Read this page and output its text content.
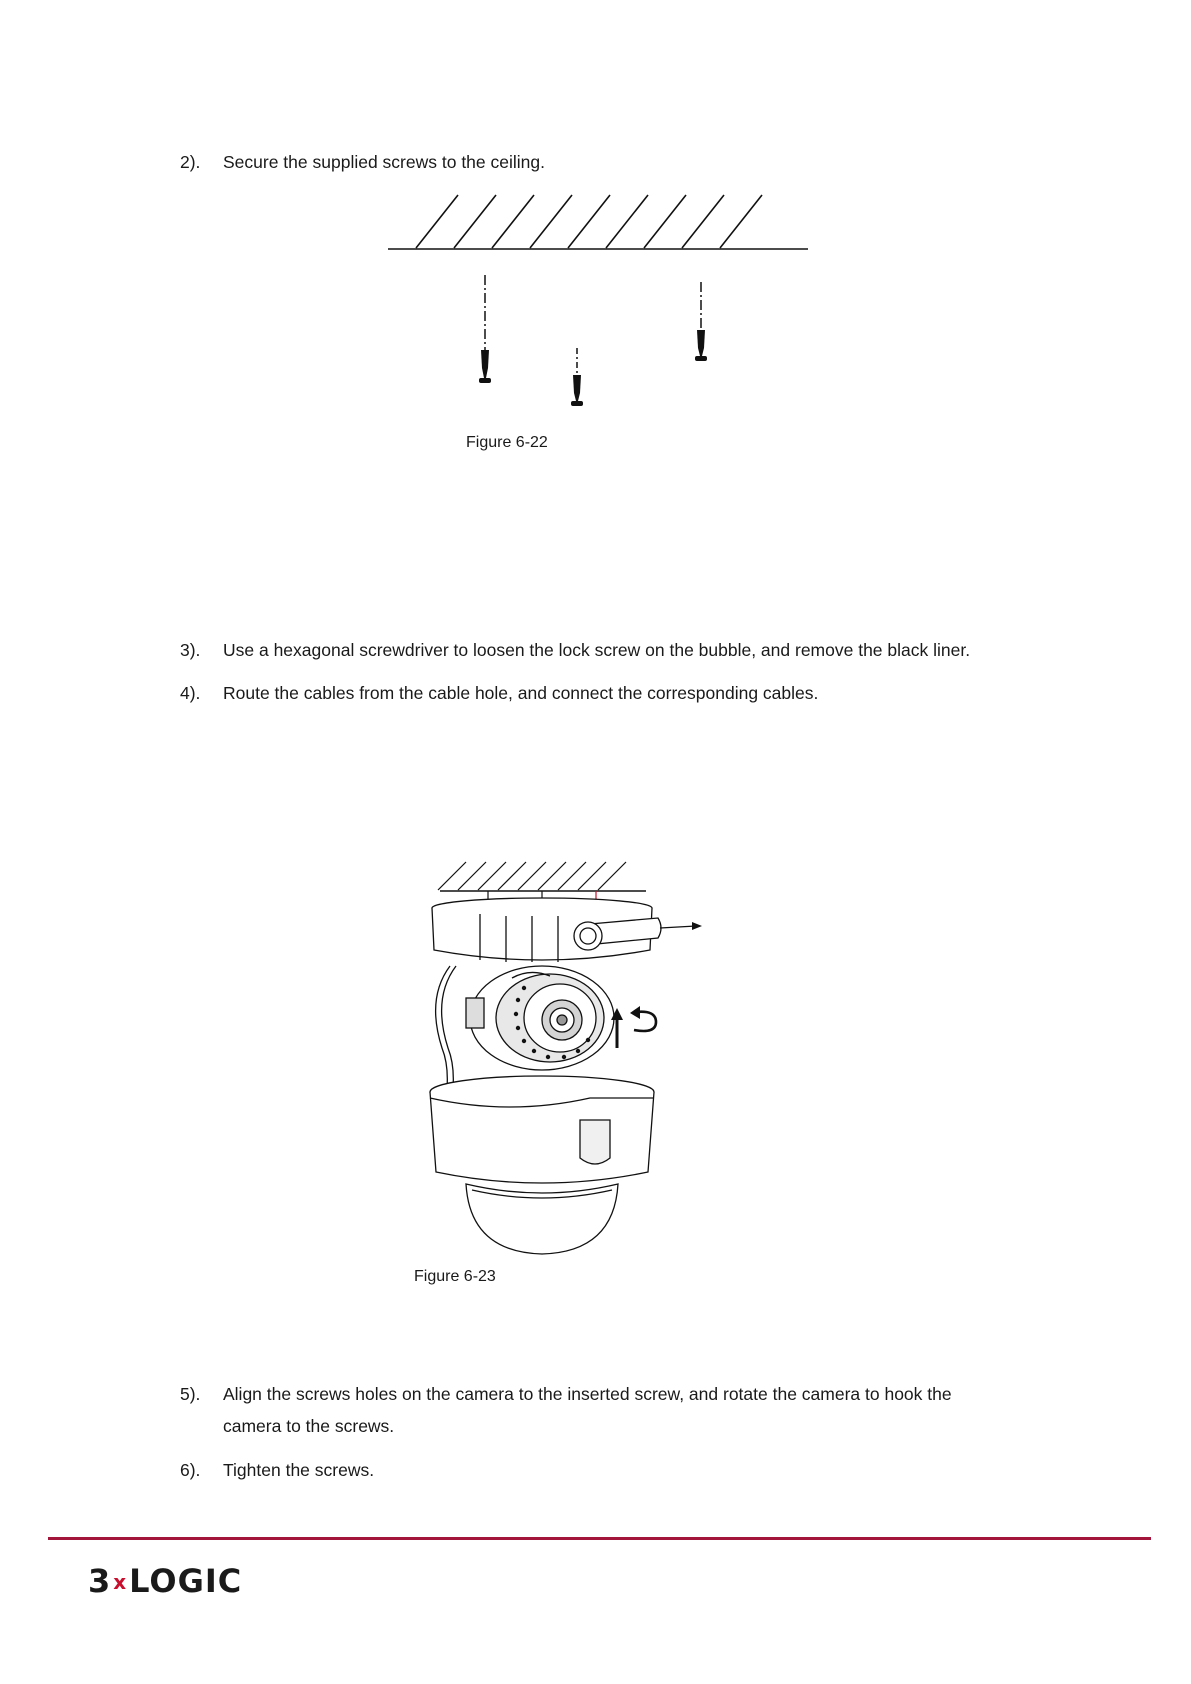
2). Secure the supplied screws to the ceiling.
Figure 6-22
3). Use a hexagonal screwdriver to loosen the lock screw on the bubble, and remove the black liner.
4). Route the cables from the cable hole, and connect the corresponding cables.
Figure 6-23
5). Align the screws holes on the camera to the inserted screw, and rotate the camera to hook the
camera to the screws.
6). Tighten the screws.
3 xLOGIC
